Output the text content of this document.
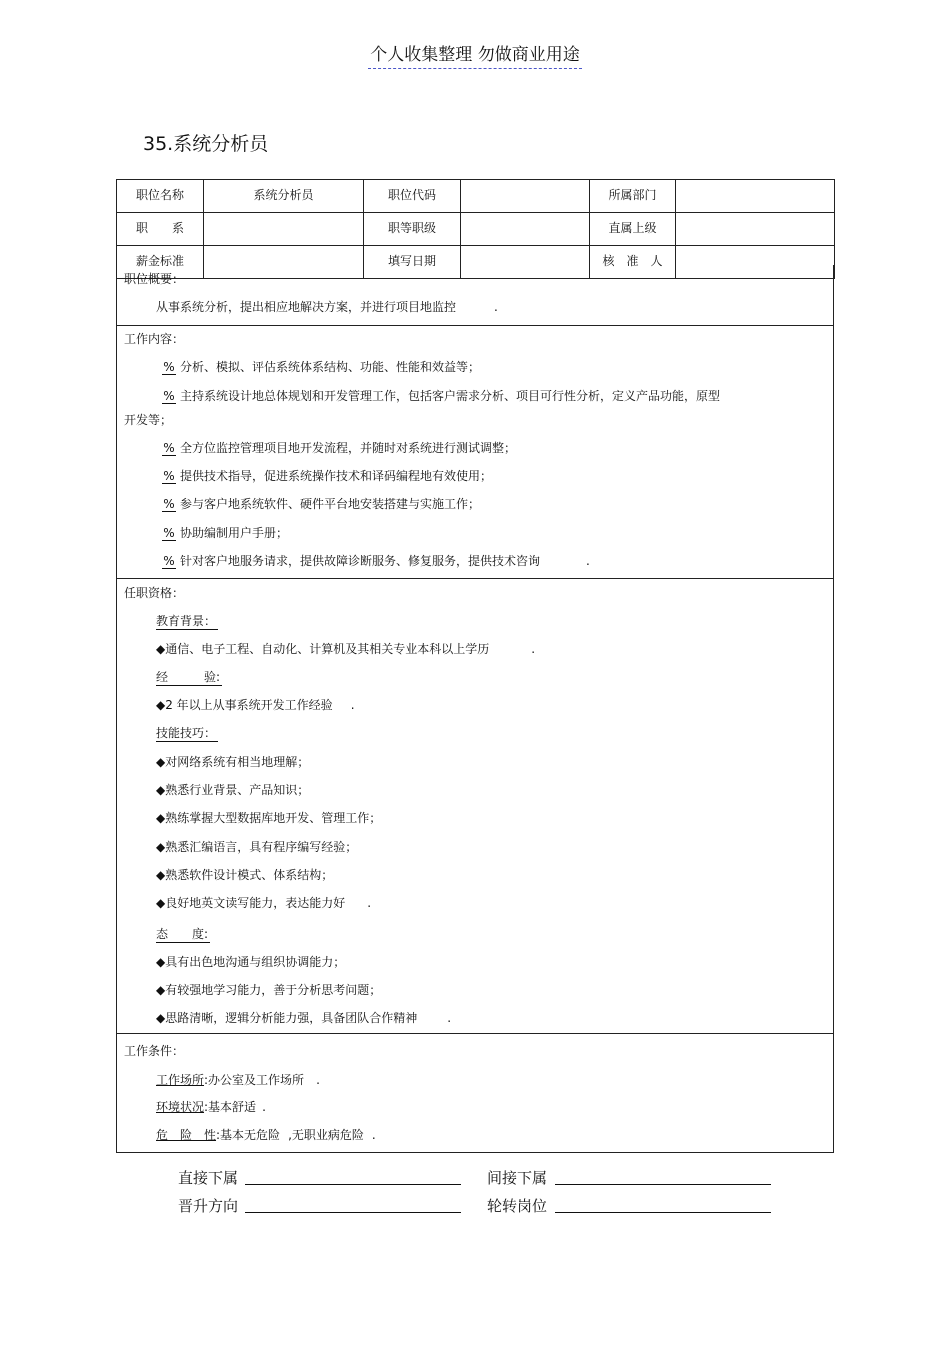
个人收集整理 勿做商业用途
35.系统分析员
职位名称	系统分析员	职位代码		所属部门	
职　　系		职等职级		直属上级	
薪金标准		填写日期		核　准　人	
职位概要：
从事系统分析，提出相应地解决方案，并进行项目地监控	.
工作内容：
% 分析、模拟、评估系统体系结构、功能、性能和效益等；
% 主持系统设计地总体规划和开发管理工作，包括客户需求分析、项目可行性分析，定义产品功能，原型
开发等；
% 全方位监控管理项目地开发流程，并随时对系统进行测试调整；
% 提供技术指导，促进系统操作技术和译码编程地有效使用；
% 参与客户地系统软件、硬件平台地安装搭建与实施工作；
% 协助编制用户手册；
% 针对客户地服务请求，提供故障诊断服务、修复服务，提供技术咨询	.
任职资格：
教育背景：
◆通信、电子工程、自动化、计算机及其相关专业本科以上学历	.
经　　　验:
◆2 年以上从事系统开发工作经验 .
技能技巧：
◆对网络系统有相当地理解；
◆熟悉行业背景、产品知识；
◆熟练掌握大型数据库地开发、管理工作；
◆熟悉汇编语言，具有程序编写经验；
◆熟悉软件设计模式、体系结构；
◆良好地英文读写能力，表达能力好 .
态　　度:
◆具有出色地沟通与组织协调能力；
◆有较强地学习能力，善于分析思考问题；
◆思路清晰，逻辑分析能力强，具备团队合作精神	.
工作条件：
工作场所:办公室及工作场所 .
环境状况:基本舒适 .
危　险　性:基本无危险 ,无职业病危险 .
直接下属	间接下属
晋升方向	轮转岗位
